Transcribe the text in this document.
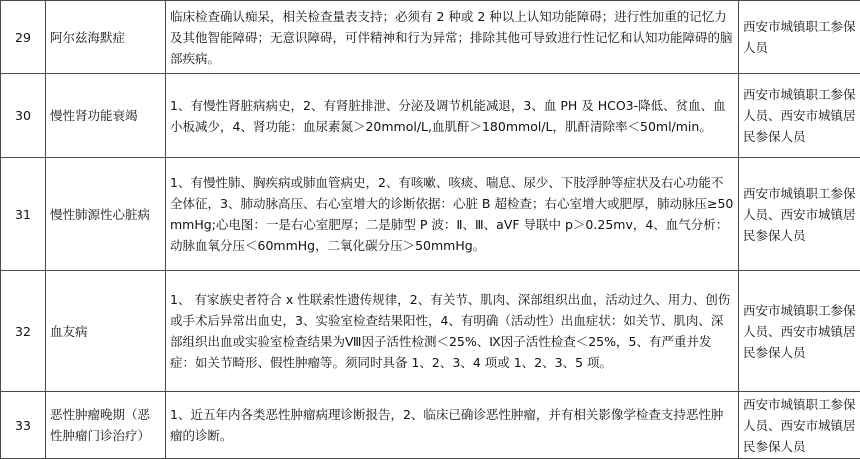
29	阿尔兹海默症	临床检查确认痴呆，相关检查量表支持；必须有 2 种或 2 种以上认知功能障碍；进行性加重的记忆力及其他智能障碍；无意识障碍，可伴精神和行为异常；排除其他可导致进行性记忆和认知功能障碍的脑部疾病。	西安市城镇职工参保人员

30	慢性肾功能衰竭	1、有慢性肾脏病病史，2、有肾脏排泄、分泌及调节机能减退，3、血 PH 及 HCO3-降低、贫血、血小板减少，4、肾功能：血尿素氮＞20mmol/L,血肌酐＞180mmol/L，肌酐清除率＜50ml/min。	西安市城镇职工参保人员、西安市城镇居民参保人员

31	慢性肺源性心脏病	1、有慢性肺、胸疾病或肺血管病史，2、有咳嗽、咳痰、喘息、尿少、下肢浮肿等症状及右心功能不全体征，3、肺动脉高压、右心室增大的诊断依据：心脏 B 超检查；右心室增大或肥厚，肺动脉压≥50mmHg;心电图：一是右心室肥厚；二是肺型 P 波：Ⅱ、Ⅲ、aVF 导联中 p＞0.25mv，4、血气分析：动脉血氧分压＜60mmHg，二氧化碳分压＞50mmHg。	西安市城镇职工参保人员、西安市城镇居民参保人员

32	血友病	1、 有家族史者符合 x 性联索性遗传规律，2、有关节、肌肉、深部组织出血，活动过久、用力、创伤或手术后异常出血史，3、实验室检查结果阳性，4、有明确（活动性）出血症状：如关节、肌肉、深部组织出血或实验室检查结果为Ⅷ因子活性检测＜25%、Ⅸ因子活性检查＜25%，5、有严重并发症：如关节畸形、假性肿瘤等。须同时具备 1、2、3、4 项或 1、2、3、5 项。	西安市城镇职工参保人员、西安市城镇居民参保人员

33	恶性肿瘤晚期（恶性肿瘤门诊治疗）	1、近五年内各类恶性肿瘤病理诊断报告，2、临床已确诊恶性肿瘤，并有相关影像学检查支持恶性肿瘤的诊断。	西安市城镇职工参保人员、西安市城镇居民参保人员
